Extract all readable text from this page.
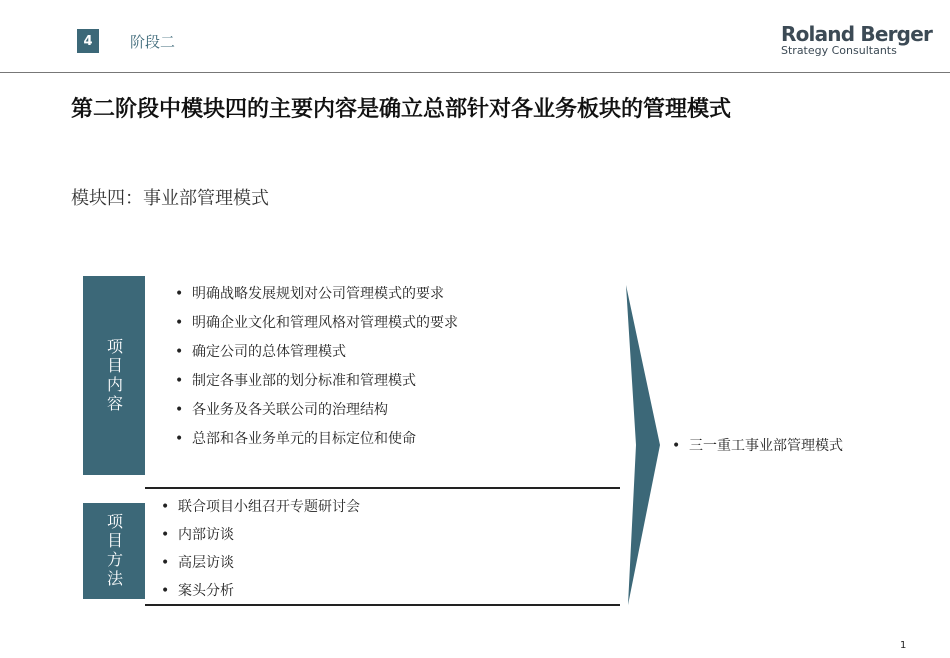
4	阶段二	Roland Berger
Strategy Consultants
第二阶段中模块四的主要内容是确立总部针对各业务板块的管理模式
模块四：事业部管理模式
项目内容
• 明确战略发展规划对公司管理模式的要求
• 明确企业文化和管理风格对管理模式的要求
• 确定公司的总体管理模式
• 制定各事业部的划分标准和管理模式
• 各业务及各关联公司的治理结构
• 总部和各业务单元的目标定位和使命
项目方法
• 联合项目小组召开专题研讨会
• 内部访谈
• 高层访谈
• 案头分析
• 三一重工事业部管理模式
1
